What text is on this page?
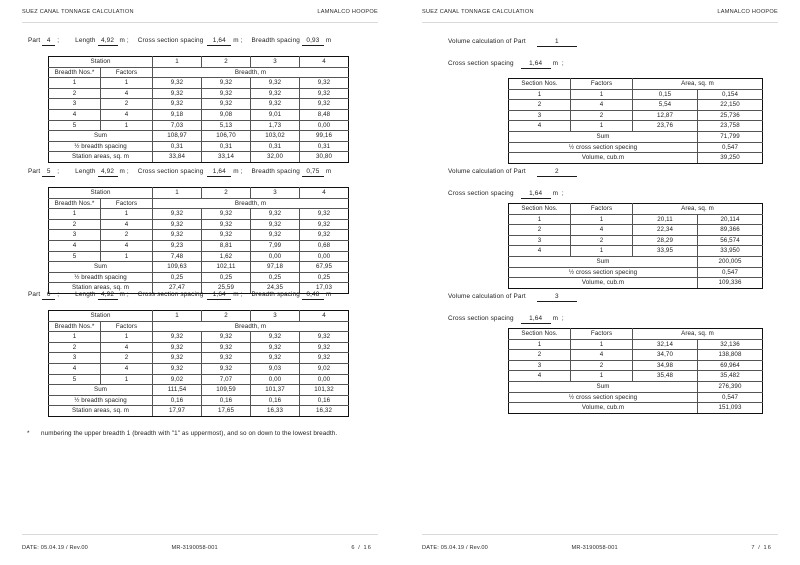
SUEZ CANAL TONNAGE CALCULATION	LAMNALCO HOOPOE
Part 4 ;	Length 4,92 m ; Cross section spacing 1,64 m ; Breadth spacing 0,93 m
Station		1	2	3	4
Breadth Nos.*	Factors	Breadth, m			
1	1	9,32	9,32	9,32	9,32
2	4	9,32	9,32	9,32	9,32
3	2	9,32	9,32	9,32	9,32
4	4	9,18	9,08	9,01	8,48
5	1	7,03	5,13	1,73	0,00
Sum		108,97	106,70	103,02	99,16
½ breadth spacing		0,31	0,31	0,31	0,31
Station areas, sq. m		33,84	33,14	32,00	30,80
Part 5 ;	Length 4,92 m ; Cross section spacing 1,64 m ; Breadth spacing 0,75 m
Station		1	2	3	4
Breadth Nos.*	Factors	Breadth, m			
1	1	9,32	9,32	9,32	9,32
2	4	9,32	9,32	9,32	9,32
3	2	9,32	9,32	9,32	9,32
4	4	9,23	8,81	7,99	0,68
5	1	7,48	1,62	0,00	0,00
Sum		109,63	102,11	97,18	67,95
½ breadth spacing		0,25	0,25	0,25	0,25
Station areas, sq. m		27,47	25,59	24,35	17,03
Part 6 ;	Length 4,92 m ; Cross section spacing 1,64 m ; Breadth spacing 0,48 m
Station		1	2	3	4
Breadth Nos.*	Factors	Breadth, m			
1	1	9,32	9,32	9,32	9,32
2	4	9,32	9,32	9,32	9,32
3	2	9,32	9,32	9,32	9,32
4	4	9,32	9,32	9,03	9,02
5	1	9,02	7,07	0,00	0,00
Sum		111,54	109,59	101,37	101,32
½ breadth spacing		0,16	0,16	0,16	0,16
Station areas, sq. m		17,97	17,65	16,33	16,32
* numbering the upper breadth 1 (breadth with "1" as uppermost), and so on down to the lowest breadth.
DATE: 05.04.19 / Rev.00	MR-3190058-001	6 / 16
SUEZ CANAL TONNAGE CALCULATION	LAMNALCO HOOPOE
Volume calculation of Part	1
Cross section spacing 1,64 m  ;
Section Nos.	Factors	Area, sq. m	
1	1	0,15	0,154
2	4	5,54	22,150
3	2	12,87	25,736
4	1	23,76	23,758
Sum			71,799
½ cross section specing			0,547
Volume, cub.m			39,250
Volume calculation of Part	2
Cross section spacing 1,64 m  ;
Section Nos.	Factors	Area, sq. m	
1	1	20,11	20,114
2	4	22,34	89,366
3	2	28,29	56,574
4	1	33,95	33,950
Sum			200,005
½ cross section specing			0,547
Volume, cub.m			109,336
Volume calculation of Part	3
Cross section spacing 1,64 m  ;
Section Nos.	Factors	Area, sq. m	
1	1	32,14	32,136
2	4	34,70	138,808
3	2	34,98	69,964
4	1	35,48	35,482
Sum			276,390
½ cross section specing			0,547
Volume, cub.m			151,093
DATE: 05.04.19 / Rev.00	MR-3190058-001	7 / 16
